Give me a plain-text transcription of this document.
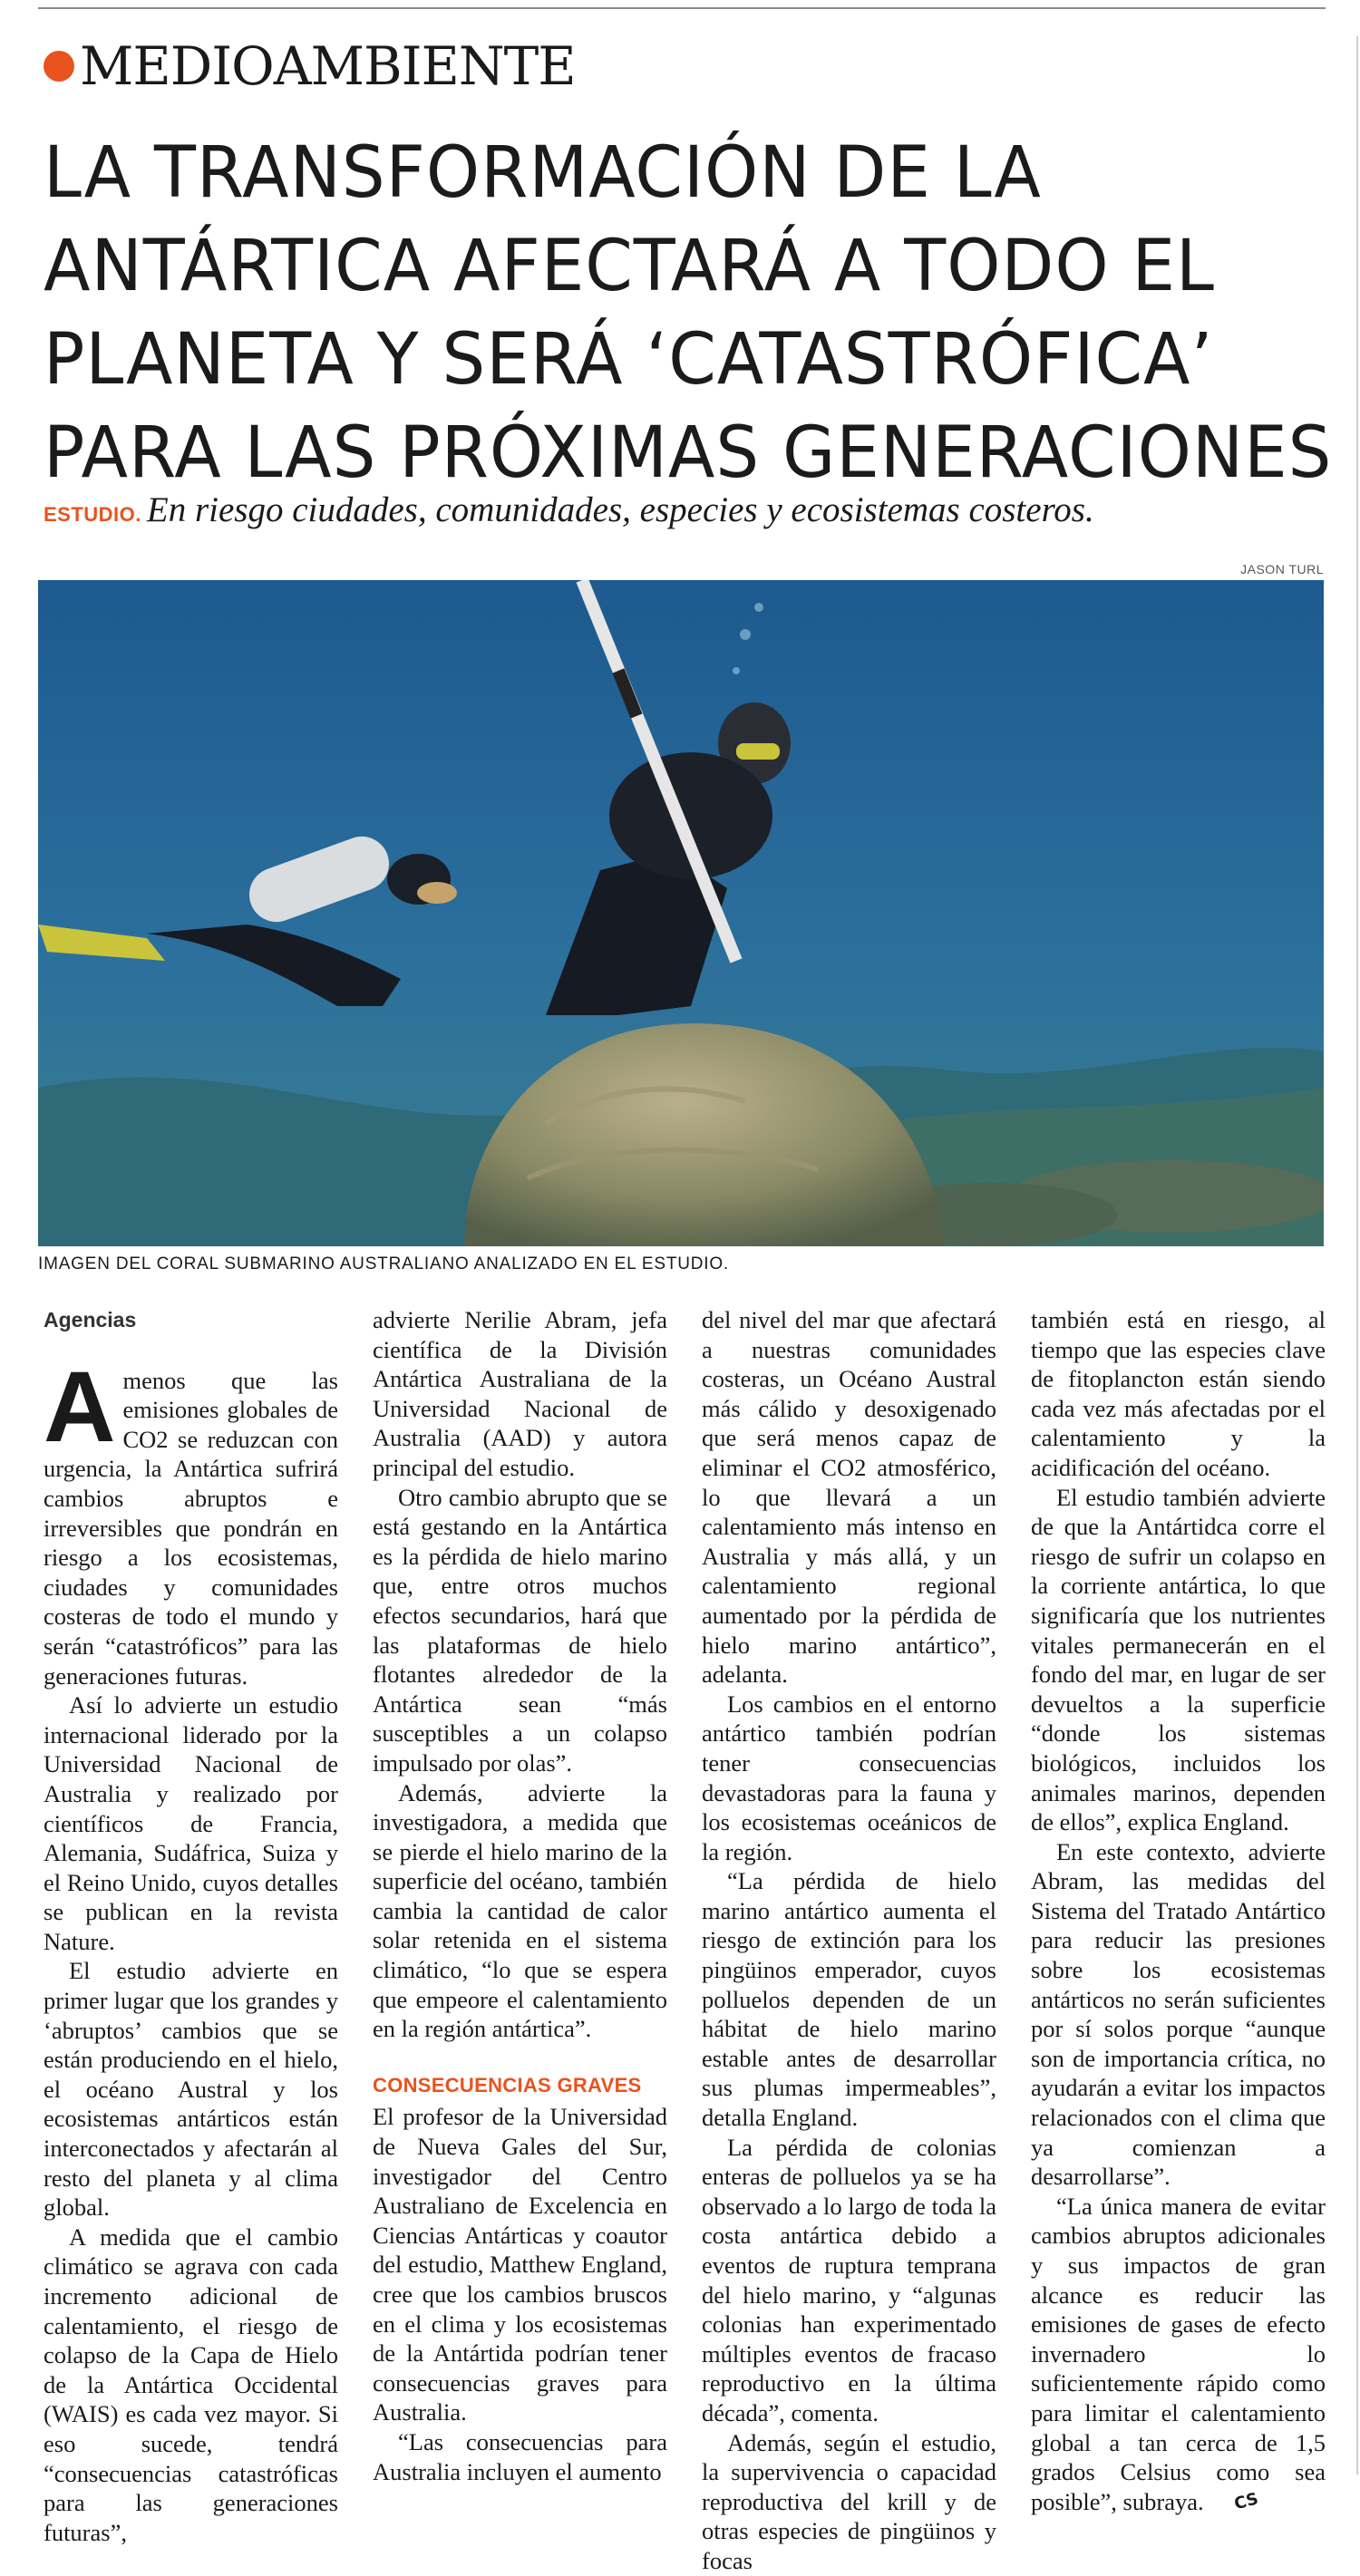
MEDIOAMBIENTE
LA TRANSFORMACIÓN DE LA
ANTÁRTICA AFECTARÁ A TODO EL
PLANETA Y SERÁ ‘CATASTRÓFICA’
PARA LAS PRÓXIMAS GENERACIONES
ESTUDIO. En riesgo ciudades, comunidades, especies y ecosistemas costeros.
JASON TURL
IMAGEN DEL CORAL SUBMARINO AUSTRALIANO ANALIZADO EN EL ESTUDIO.
Agencias

Amenos que las emisiones globales de CO2 se reduzcan con urgencia, la Antártica sufrirá cambios abruptos e irreversibles que pondrán en riesgo a los ecosistemas, ciudades y comunidades costeras de todo el mundo y serán “catastróficos” para las generaciones futuras.

Así lo advierte un estudio internacional liderado por la Universidad Nacional de Australia y realizado por científicos de Francia, Alemania, Sudáfrica, Suiza y el Reino Unido, cuyos detalles se publican en la revista Nature.

El estudio advierte en primer lugar que los grandes y ‘abruptos’ cambios que se están produciendo en el hielo, el océano Austral y los ecosistemas antárticos están interconectados y afectarán al resto del planeta y al clima global.

A medida que el cambio climático se agrava con cada incremento adicional de calentamiento, el riesgo de colapso de la Capa de Hielo de la Antártica Occidental (WAIS) es cada vez mayor. Si eso sucede, tendrá “consecuencias catastróficas para las generaciones futuras”,

advierte Nerilie Abram, jefa científica de la División Antártica Australiana de la Universidad Nacional de Australia (AAD) y autora principal del estudio.

Otro cambio abrupto que se está gestando en la Antártica es la pérdida de hielo marino que, entre otros muchos efectos secundarios, hará que las plataformas de hielo flotantes alrededor de la Antártica sean “más susceptibles a un colapso impulsado por olas”.

Además, advierte la investigadora, a medida que se pierde el hielo marino de la superficie del océano, también cambia la cantidad de calor solar retenida en el sistema climático, “lo que se espera que empeore el calentamiento en la región antártica”.

CONSECUENCIAS GRAVES

El profesor de la Universidad de Nueva Gales del Sur, investigador del Centro Australiano de Excelencia en Ciencias Antárticas y coautor del estudio, Matthew England, cree que los cambios bruscos en el clima y los ecosistemas de la Antártida podrían tener consecuencias graves para Australia.

“Las consecuencias para Australia incluyen el aumento

del nivel del mar que afectará a nuestras comunidades costeras, un Océano Austral más cálido y desoxigenado que será menos capaz de eliminar el CO2 atmosférico, lo que llevará a un calentamiento más intenso en Australia y más allá, y un calentamiento regional aumentado por la pérdida de hielo marino antártico”, adelanta.

Los cambios en el entorno antártico también podrían tener consecuencias devastadoras para la fauna y los ecosistemas oceánicos de la región.

“La pérdida de hielo marino antártico aumenta el riesgo de extinción para los pingüinos emperador, cuyos polluelos dependen de un hábitat de hielo marino estable antes de desarrollar sus plumas impermeables”, detalla England.

La pérdida de colonias enteras de polluelos ya se ha observado a lo largo de toda la costa antártica debido a eventos de ruptura temprana del hielo marino, y “algunas colonias han experimentado múltiples eventos de fracaso reproductivo en la última década”, comenta.

Además, según el estudio, la supervivencia o capacidad reproductiva del krill y de otras especies de pingüinos y focas

también está en riesgo, al tiempo que las especies clave de fitoplancton están siendo cada vez más afectadas por el calentamiento y la acidificación del océano.

El estudio también advierte de que la Antártidca corre el riesgo de sufrir un colapso en la corriente antártica, lo que significaría que los nutrientes vitales permanecerán en el fondo del mar, en lugar de ser devueltos a la superficie “donde los sistemas biológicos, incluidos los animales marinos, dependen de ellos”, explica England.

En este contexto, advierte Abram, las medidas del Sistema del Tratado Antártico para reducir las presiones sobre los ecosistemas antárticos no serán suficientes por sí solos porque “aunque son de importancia crítica, no ayudarán a evitar los impactos relacionados con el clima que ya comienzan a desarrollarse”.

“La única manera de evitar cambios abruptos adicionales y sus impactos de gran alcance es reducir las emisiones de gases de efecto invernadero lo suficientemente rápido como para limitar el calentamiento global a tan cerca de 1,5 grados Celsius como sea posible”, subraya. CS
